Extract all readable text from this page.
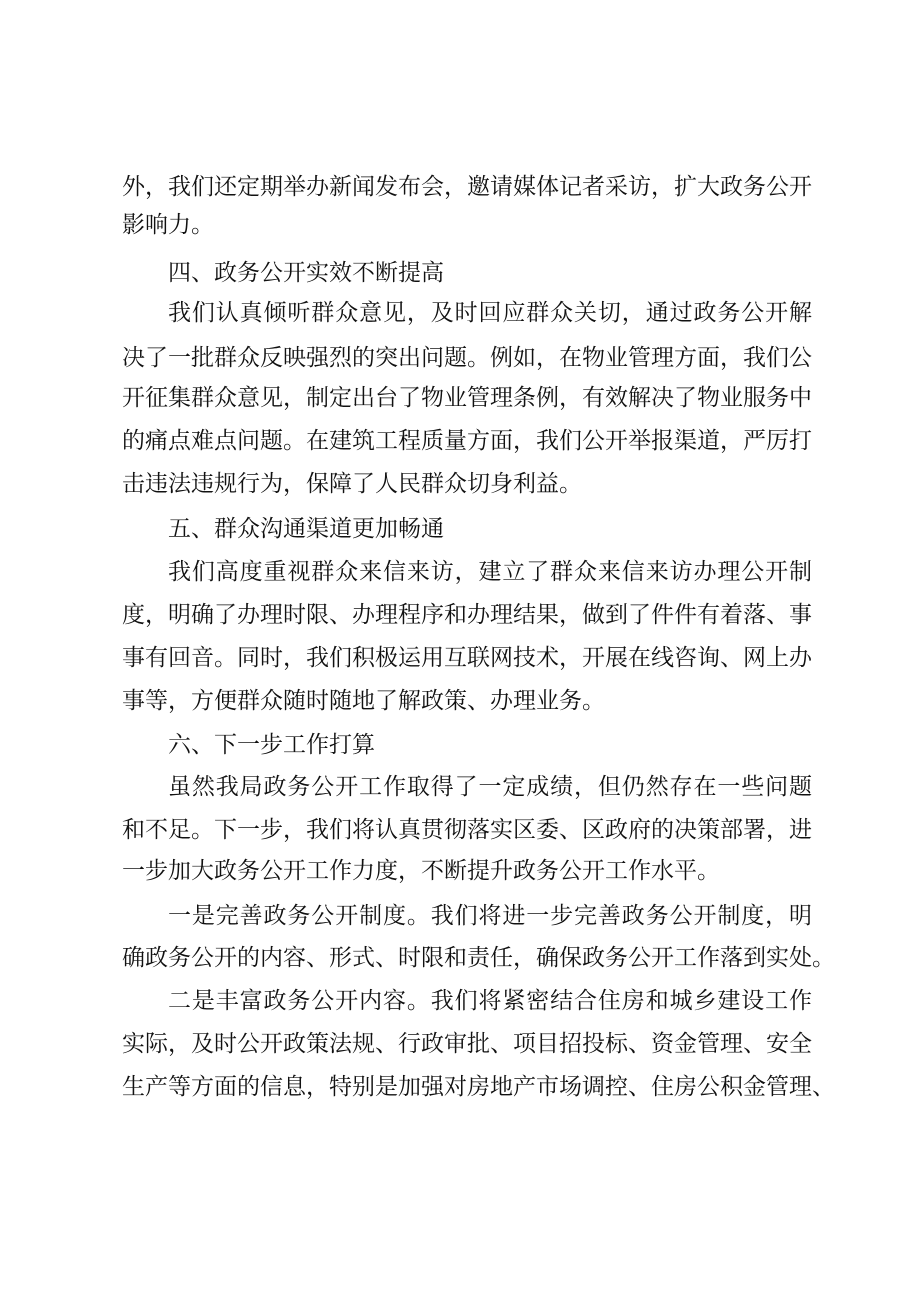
外，我们还定期举办新闻发布会，邀请媒体记者采访，扩大政务公开
影响力。
四、政务公开实效不断提高
我们认真倾听群众意见，及时回应群众关切，通过政务公开解
决了一批群众反映强烈的突出问题。例如，在物业管理方面，我们公
开征集群众意见，制定出台了物业管理条例，有效解决了物业服务中
的痛点难点问题。在建筑工程质量方面，我们公开举报渠道，严厉打
击违法违规行为，保障了人民群众切身利益。
五、群众沟通渠道更加畅通
我们高度重视群众来信来访，建立了群众来信来访办理公开制
度，明确了办理时限、办理程序和办理结果，做到了件件有着落、事
事有回音。同时，我们积极运用互联网技术，开展在线咨询、网上办
事等，方便群众随时随地了解政策、办理业务。
六、下一步工作打算
虽然我局政务公开工作取得了一定成绩，但仍然存在一些问题
和不足。下一步，我们将认真贯彻落实区委、区政府的决策部署，进
一步加大政务公开工作力度，不断提升政务公开工作水平。
一是完善政务公开制度。我们将进一步完善政务公开制度，明
确政务公开的内容、形式、时限和责任，确保政务公开工作落到实处。
二是丰富政务公开内容。我们将紧密结合住房和城乡建设工作
实际，及时公开政策法规、行政审批、项目招投标、资金管理、安全
生产等方面的信息，特别是加强对房地产市场调控、住房公积金管理、
